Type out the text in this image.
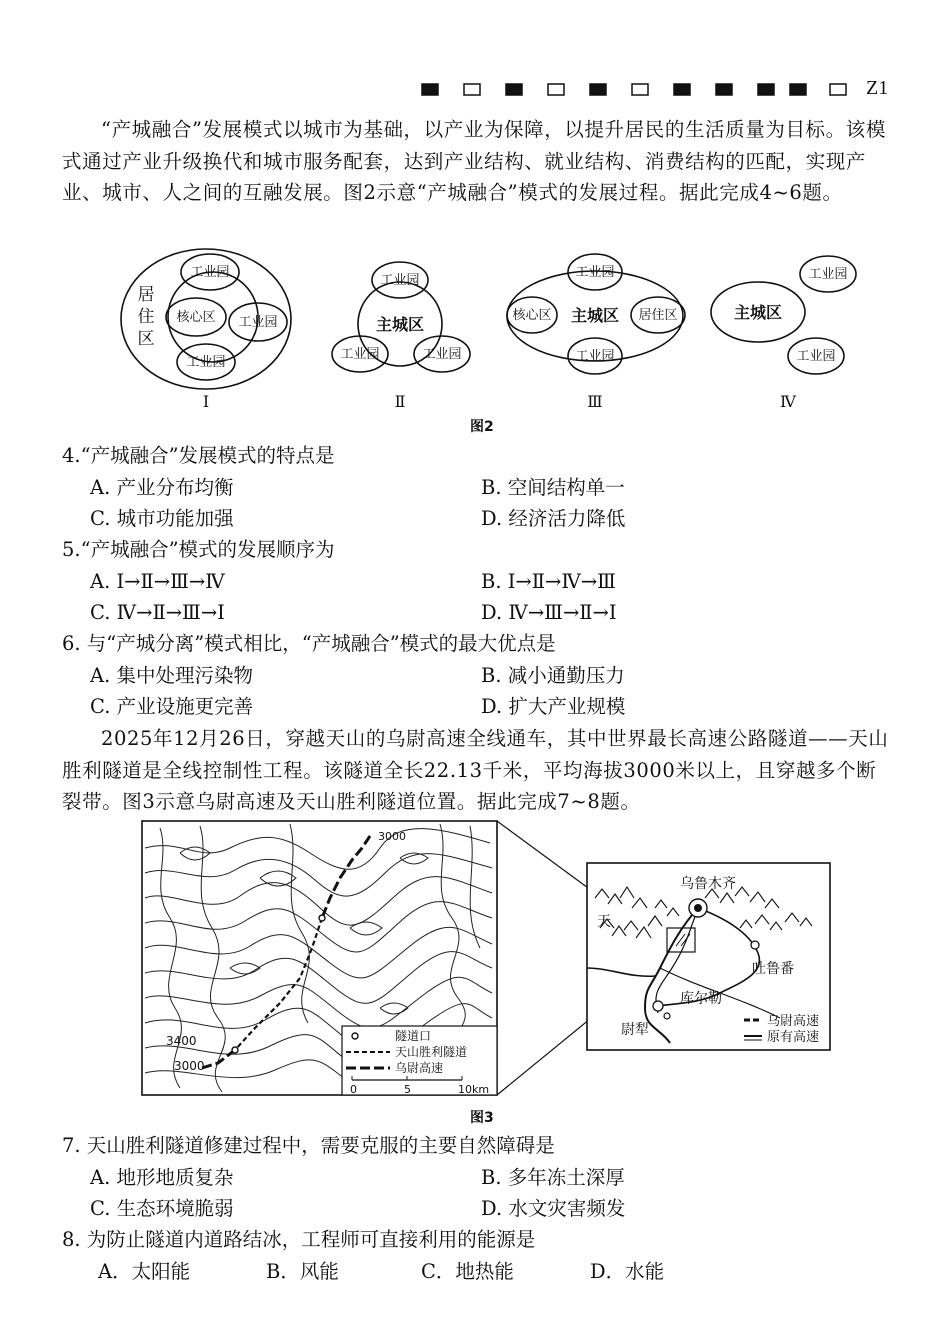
Z1
“产城融合”发展模式以城市为基础，以产业为保障，以提升居民的生活质量为目标。该模式通过产业升级换代和城市服务配套，达到产业结构、就业结构、消费结构的匹配，实现产业、城市、人之间的互融发展。图2示意“产城融合”模式的发展过程。据此完成4~6题。
居
住
区
工业园
核心区 工业园
工业园
工业园
主城区
工业园	工业园
工业园
核心区 主城区 居住区
工业园
主城区
工业园
工业园
Ⅰ	Ⅱ	Ⅲ	Ⅳ
图2
4.“产城融合”发展模式的特点是
A. 产业分布均衡	B. 空间结构单一
C. 城市功能加强	D. 经济活力降低
5.“产城融合”模式的发展顺序为
A. Ⅰ→Ⅱ→Ⅲ→Ⅳ	B. Ⅰ→Ⅱ→Ⅳ→Ⅲ
C. Ⅳ→Ⅱ→Ⅲ→Ⅰ	D. Ⅳ→Ⅲ→Ⅱ→Ⅰ
6. 与“产城分离”模式相比，“产城融合”模式的最大优点是
A. 集中处理污染物	B. 减小通勤压力
C. 产业设施更完善	D. 扩大产业规模
2025年12月26日，穿越天山的乌尉高速全线通车，其中世界最长高速公路隧道——天山胜利隧道是全线控制性工程。该隧道全长22.13千米，平均海拔3000米以上，且穿越多个断裂带。图3示意乌尉高速及天山胜利隧道位置。据此完成7~8题。
3000
3400
3000
隧道口
天山胜利隧道
乌尉高速
0	5	10km
乌鲁木齐
吐鲁番
库尔勒
尉犁
天
乌尉高速
原有高速
图3
7. 天山胜利隧道修建过程中，需要克服的主要自然障碍是
A. 地形地质复杂	B. 多年冻土深厚
C. 生态环境脆弱	D. 水文灾害频发
8. 为防止隧道内道路结冰，工程师可直接利用的能源是
A．太阳能	B．风能	C．地热能	D．水能
